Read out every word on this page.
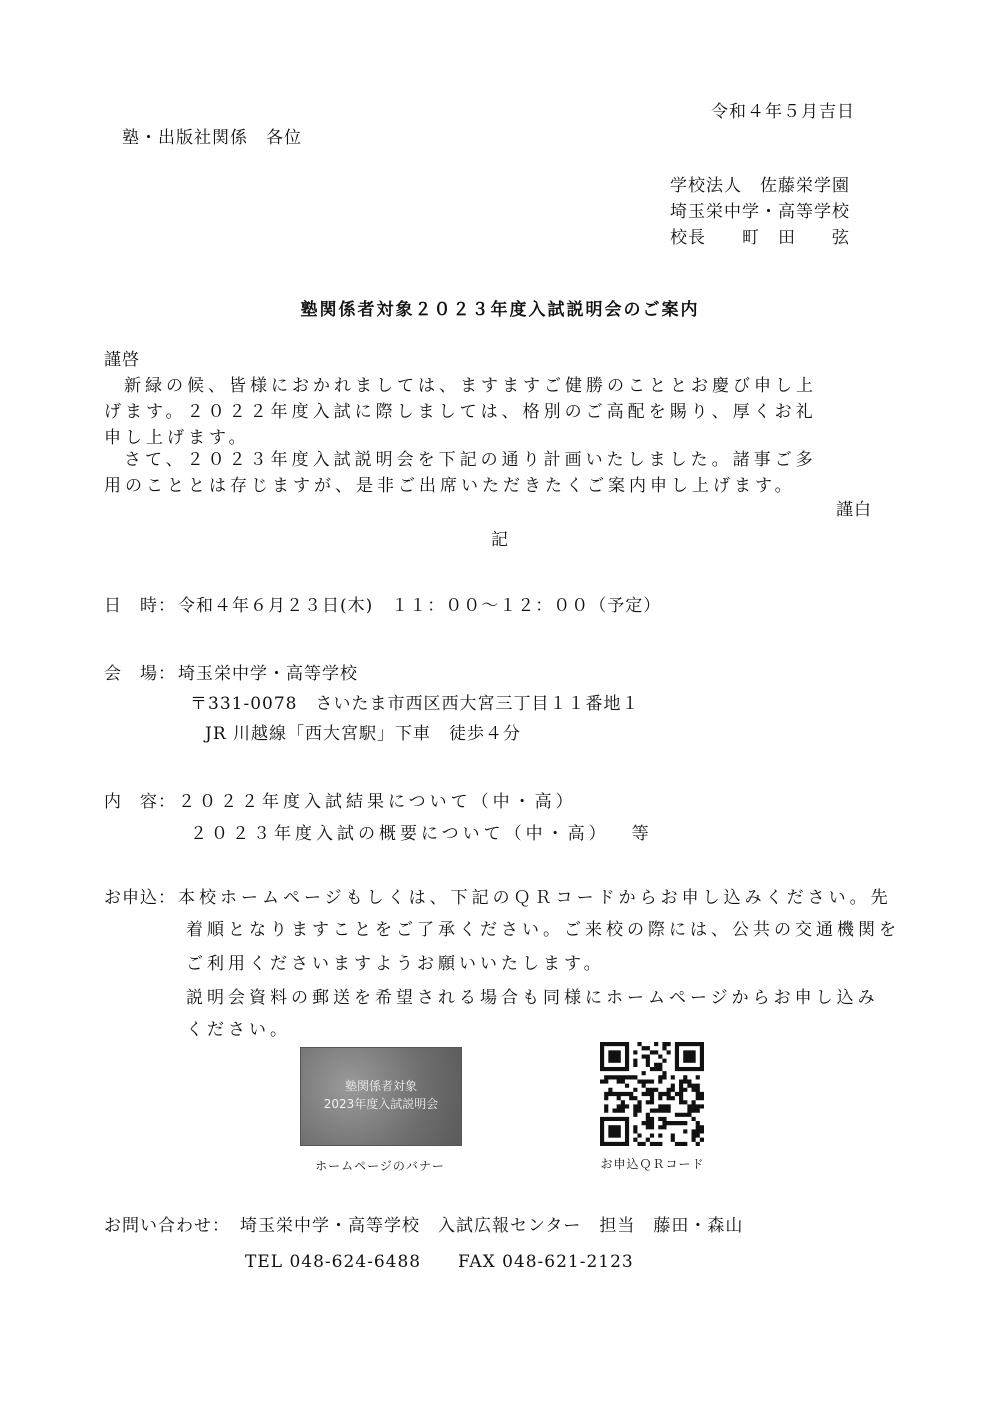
令和４年５月吉日
塾・出版社関係　各位
学校法人　佐藤栄学園
埼玉栄中学・高等学校
校長　　町　田　　弦
塾関係者対象２０２３年度入試説明会のご案内
謹啓
新緑の候、皆様におかれましては、ますますご健勝のこととお慶び申し上
げます。２０２２年度入試に際しましては、格別のご高配を賜り、厚くお礼
申し上げます。
さて、２０２３年度入試説明会を下記の通り計画いたしました。諸事ご多
用のこととは存じますが、是非ご出席いただきたくご案内申し上げます。
謹白
記
日　時： 令和４年６月２３日(木)　１１：００～１２：００（予定）
会　場： 埼玉栄中学・高等学校
〒331-0078　さいたま市西区西大宮三丁目１１番地１
JR 川越線「西大宮駅」下車　徒歩４分
内　容： ２０２２年度入試結果について（中・高）
２０２３年度入試の概要について（中・高）　 等
お申込： 本校ホームページもしくは、下記のＱＲコードからお申し込みください。先
着順となりますことをご了承ください。ご来校の際には、公共の交通機関を
ご利用くださいますようお願いいたします。
説明会資料の郵送を希望される場合も同様にホームページからお申し込み
ください。
塾関係者対象
2023年度入試説明会
ホームページのバナー	お申込ＱＲコード
お問い合わせ： 埼玉栄中学・高等学校　入試広報センター　担当　藤田・森山
TEL 048-624-6488 FAX 048-621-2123
